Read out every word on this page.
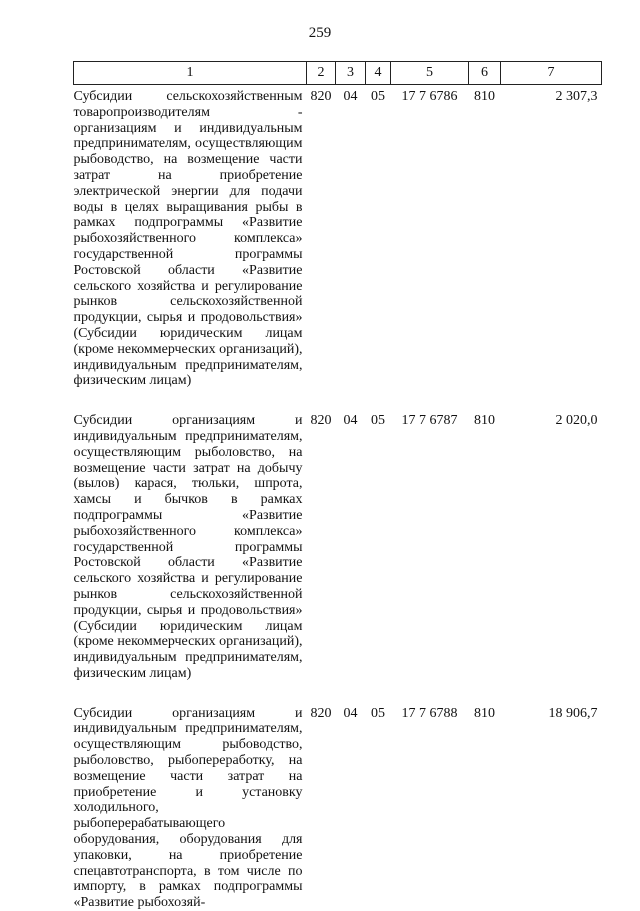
259
1	2	3	4	5	6	7
Субсидии сельскохозяйственным товаропроизводителям - организациям и индивидуальным предпринимателям, осуществляющим рыбоводство, на возмещение части затрат на приобретение электрической энергии для подачи воды в целях выращивания рыбы в рамках подпрограммы «Развитие рыбохозяйственного комплекса» государственной программы Ростовской области «Развитие сельского хозяйства и регулирование рынков сельскохозяйственной продукции, сырья и продовольствия» (Субсидии юридическим лицам (кроме некоммерческих организаций), индивидуальным предпринимателям, физическим лицам)	820	04	05	17 7 6786	810	2 307,3

Субсидии организациям и индивидуальным предпринимателям, осуществляющим рыболовство, на возмещение части затрат на добычу (вылов) карася, тюльки, шпрота, хамсы и бычков в рамках подпрограммы «Развитие рыбохозяйственного комплекса» государственной программы Ростовской области «Развитие сельского хозяйства и регулирование рынков сельскохозяйственной продукции, сырья и продовольствия» (Субсидии юридическим лицам (кроме некоммерческих организаций), индивидуальным предпринимателям, физическим лицам)	820	04	05	17 7 6787	810	2 020,0

Субсидии организациям и индивидуальным предпринимателям, осуществляющим рыбоводство, рыболовство, рыбопереработку, на возмещение части затрат на приобретение и установку холодильного, рыбоперерабатывающего оборудования, оборудования для упаковки, на приобретение спецавтотранспорта, в том числе по импорту, в рамках подпрограммы «Развитие рыбохозяй-	820	04	05	17 7 6788	810	18 906,7
